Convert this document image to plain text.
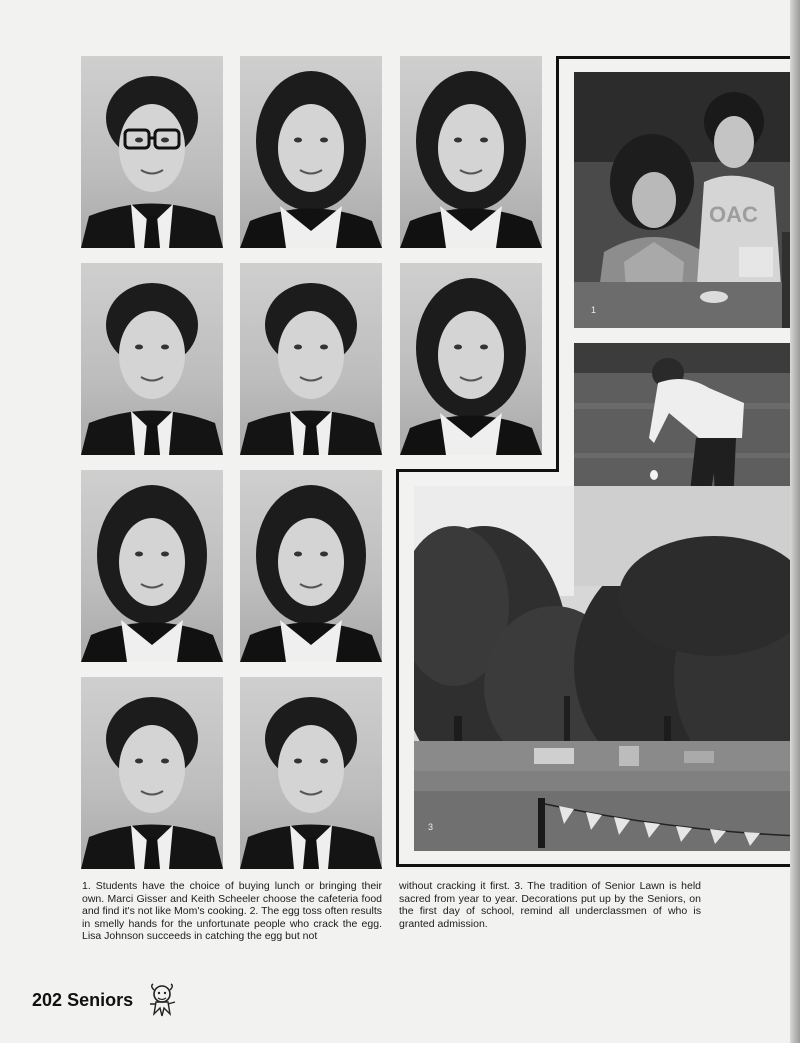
OAC
1
3
1. Students have the choice of buying lunch or bringing their own. Marci Gisser and Keith Scheeler choose the cafeteria food and find it's not like Mom's cooking. 2. The egg toss often results in smelly hands for the unfortunate people who crack the egg. Lisa Johnson succeeds in catching the egg but not
without cracking it first. 3. The tradition of Senior Lawn is held sacred from year to year. Decorations put up by the Seniors, on the first day of school, remind all underclassmen of who is granted admission.
202 Seniors
